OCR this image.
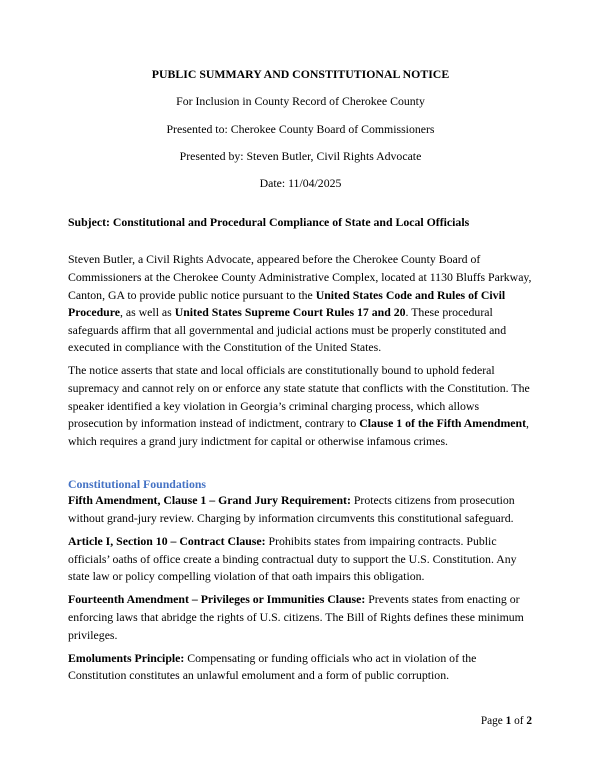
PUBLIC SUMMARY AND CONSTITUTIONAL NOTICE

For Inclusion in County Record of Cherokee County

Presented to: Cherokee County Board of Commissioners

Presented by: Steven Butler, Civil Rights Advocate

Date: 11/04/2025

Subject: Constitutional and Procedural Compliance of State and Local Officials

Steven Butler, a Civil Rights Advocate, appeared before the Cherokee County Board of Commissioners at the Cherokee County Administrative Complex, located at 1130 Bluffs Parkway, Canton, GA to provide public notice pursuant to the United States Code and Rules of Civil Procedure, as well as United States Supreme Court Rules 17 and 20. These procedural safeguards affirm that all governmental and judicial actions must be properly constituted and executed in compliance with the Constitution of the United States.

The notice asserts that state and local officials are constitutionally bound to uphold federal supremacy and cannot rely on or enforce any state statute that conflicts with the Constitution. The speaker identified a key violation in Georgia’s criminal charging process, which allows prosecution by information instead of indictment, contrary to Clause 1 of the Fifth Amendment, which requires a grand jury indictment for capital or otherwise infamous crimes.

Constitutional Foundations

Fifth Amendment, Clause 1 – Grand Jury Requirement: Protects citizens from prosecution without grand-jury review. Charging by information circumvents this constitutional safeguard.

Article I, Section 10 – Contract Clause: Prohibits states from impairing contracts. Public officials’ oaths of office create a binding contractual duty to support the U.S. Constitution. Any state law or policy compelling violation of that oath impairs this obligation.

Fourteenth Amendment – Privileges or Immunities Clause: Prevents states from enacting or enforcing laws that abridge the rights of U.S. citizens. The Bill of Rights defines these minimum privileges.

Emoluments Principle: Compensating or funding officials who act in violation of the Constitution constitutes an unlawful emolument and a form of public corruption.

Page 1 of 2
